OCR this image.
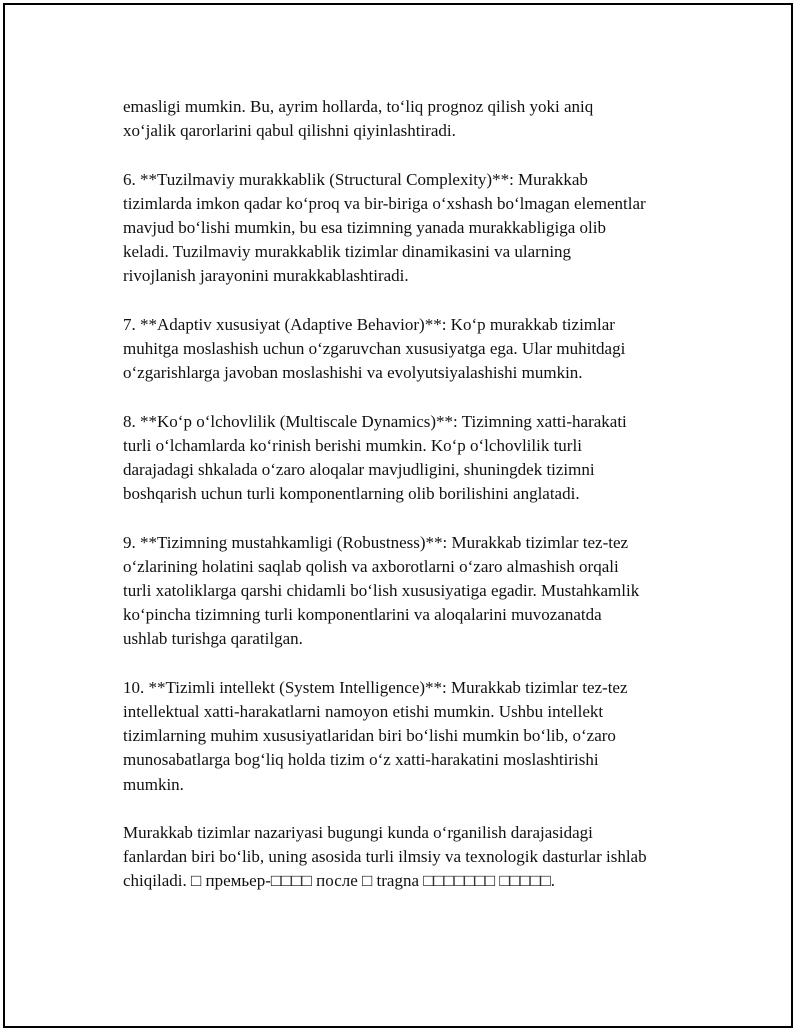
emasligi mumkin. Bu, ayrim hollarda, to‘liq prognoz qilish yoki aniq
xo‘jalik qarorlarini qabul qilishni qiyinlashtiradi.

6. **Tuzilmaviy murakkablik (Structural Complexity)**: Murakkab
tizimlarda imkon qadar ko‘proq va bir-biriga o‘xshash bo‘lmagan elementlar
mavjud bo‘lishi mumkin, bu esa tizimning yanada murakkabligiga olib
keladi. Tuzilmaviy murakkablik tizimlar dinamikasini va ularning
rivojlanish jarayonini murakkablashtiradi.

7. **Adaptiv xususiyat (Adaptive Behavior)**: Ko‘p murakkab tizimlar
muhitga moslashish uchun o‘zgaruvchan xususiyatga ega. Ular muhitdagi
o‘zgarishlarga javoban moslashishi va evolyutsiyalashishi mumkin.

8. **Ko‘p o‘lchovlilik (Multiscale Dynamics)**: Tizimning xatti-harakati
turli o‘lchamlarda ko‘rinish berishi mumkin. Ko‘p o‘lchovlilik turli
darajadagi shkalada o‘zaro aloqalar mavjudligini, shuningdek tizimni
boshqarish uchun turli komponentlarning olib borilishini anglatadi.

9. **Tizimning mustahkamligi (Robustness)**: Murakkab tizimlar tez-tez
o‘zlarining holatini saqlab qolish va axborotlarni o‘zaro almashish orqali
turli xatoliklarga qarshi chidamli bo‘lish xususiyatiga egadir. Mustahkamlik
ko‘pincha tizimning turli komponentlarini va aloqalarini muvozanatda
ushlab turishga qaratilgan.

10. **Tizimli intellekt (System Intelligence)**: Murakkab tizimlar tez-tez
intellektual xatti-harakatlarni namoyon etishi mumkin. Ushbu intellekt
tizimlarning muhim xususiyatlaridan biri bo‘lishi mumkin bo‘lib, o‘zaro
munosabatlarga bog‘liq holda tizim o‘z xatti-harakatini moslashtirishi
mumkin.

Murakkab tizimlar nazariyasi bugungi kunda o‘rganilish darajasidagi
fanlardan biri bo‘lib, uning asosida turli ilmsiy va texnologik dasturlar ishlab
chiqiladi. □ премьер-□□□□ после □ tragna □□□□□□□ □□□□□.
